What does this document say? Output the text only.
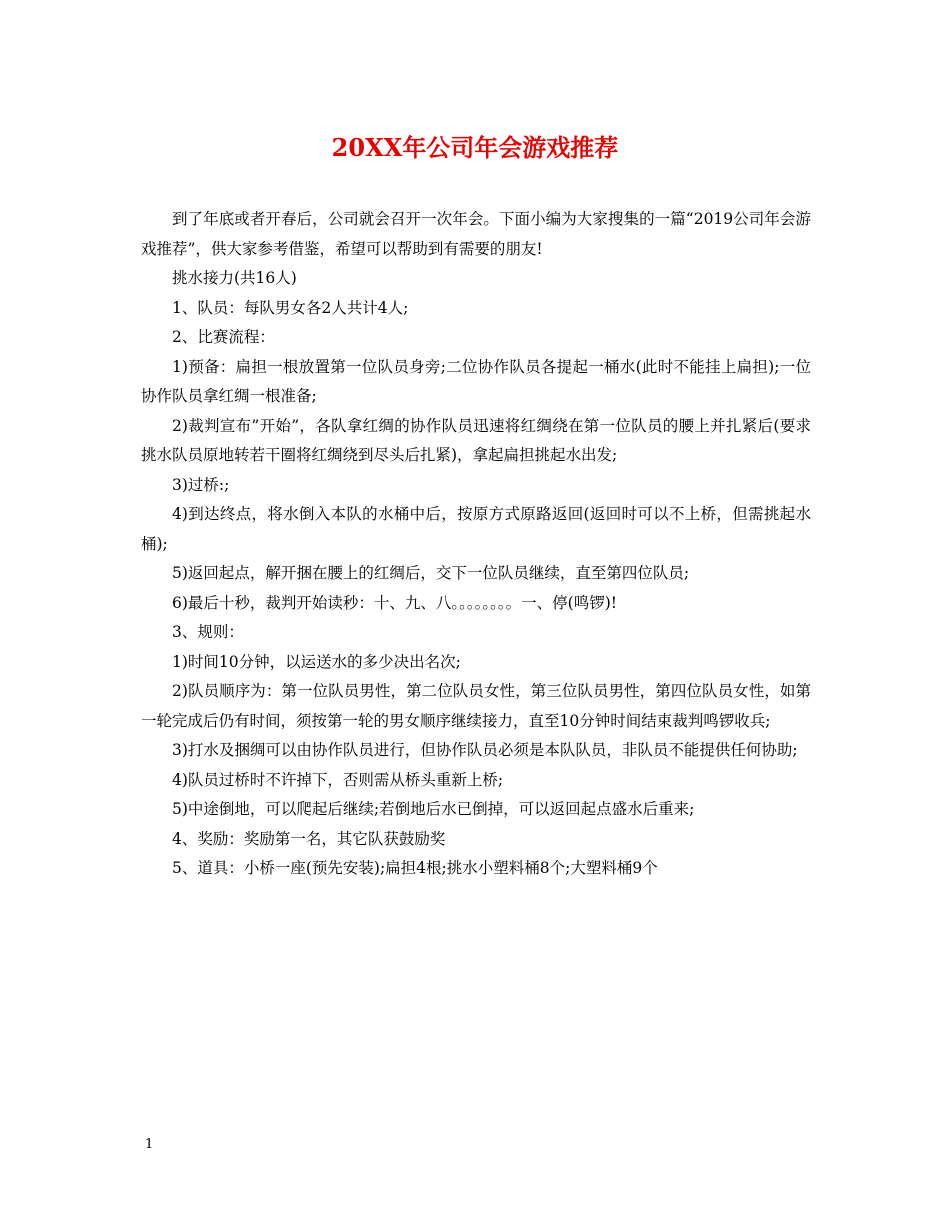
20XX年公司年会游戏推荐

到了年底或者开春后，公司就会召开一次年会。下面小编为大家搜集的一篇“2019公司年会游戏推荐”，供大家参考借鉴，希望可以帮助到有需要的朋友!

挑水接力(共16人)

1、队员：每队男女各2人共计4人;

2、比赛流程：

1)预备：扁担一根放置第一位队员身旁;二位协作队员各提起一桶水(此时不能挂上扁担);一位协作队员拿红绸一根准备;

2)裁判宣布”开始”，各队拿红绸的协作队员迅速将红绸绕在第一位队员的腰上并扎紧后(要求挑水队员原地转若干圈将红绸绕到尽头后扎紧)，拿起扁担挑起水出发;

3)过桥:;

4)到达终点，将水倒入本队的水桶中后，按原方式原路返回(返回时可以不上桥，但需挑起水桶);

5)返回起点，解开捆在腰上的红绸后，交下一位队员继续，直至第四位队员;

6)最后十秒，裁判开始读秒：十、九、八。。。。。。。。一、停(鸣锣)!

3、规则：

1)时间10分钟，以运送水的多少决出名次;

2)队员顺序为：第一位队员男性，第二位队员女性，第三位队员男性，第四位队员女性，如第一轮完成后仍有时间，须按第一轮的男女顺序继续接力，直至10分钟时间结束裁判鸣锣收兵;

3)打水及捆绸可以由协作队员进行，但协作队员必须是本队队员，非队员不能提供任何协助;

4)队员过桥时不许掉下，否则需从桥头重新上桥;

5)中途倒地，可以爬起后继续;若倒地后水已倒掉，可以返回起点盛水后重来;

4、奖励：奖励第一名，其它队获鼓励奖

5、道具：小桥一座(预先安装);扁担4根;挑水小塑料桶8个;大塑料桶9个

1
